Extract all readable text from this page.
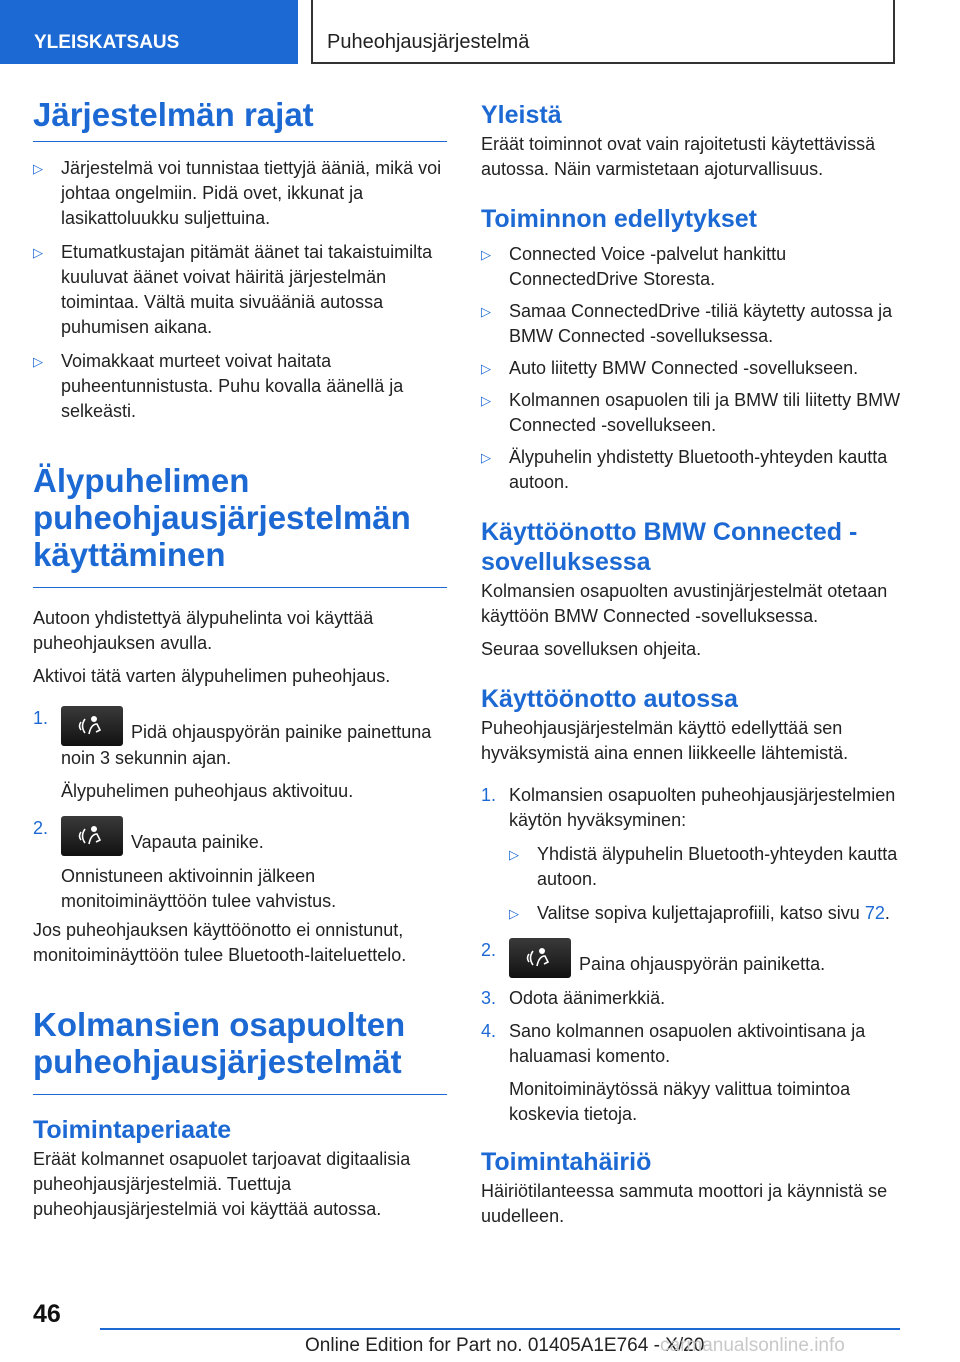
YLEISKATSAUS	Puheohjausjärjestelmä
Järjestelmän rajat
▷ Järjestelmä voi tunnistaa tiettyjä ääniä, mikä voi johtaa ongelmiin. Pidä ovet, ikkunat ja lasikattoluukku suljettuina.
▷ Etumatkustajan pitämät äänet tai takaistuimilta kuuluvat äänet voivat häiritä järjestelmän toimintaa. Vältä muita sivuääniä autossa puhumisen aikana.
▷ Voimakkaat murteet voivat haitata puheentunnistusta. Puhu kovalla äänellä ja selkeästi.
Älypuhelimen puheohjausjärjestelmän käyttäminen

Autoon yhdistettyä älypuhelinta voi käyttää puheohjauksen avulla.

Aktivoi tätä varten älypuhelimen puheohjaus.

1.
Pidä ohjauspyörän painike painettuna noin 3 sekunnin ajan.

Älypuhelimen puheohjaus aktivoituu.

2.
Vapauta painike.

Onnistuneen aktivoinnin jälkeen monitoiminäyttöön tulee vahvistus.

Jos puheohjauksen käyttöönotto ei onnistunut, monitoiminäyttöön tulee Bluetooth-laiteluettelo.

Kolmansien osapuolten puheohjausjärjestelmät
Toimintaperiaate

Eräät kolmannet osapuolet tarjoavat digitaalisia puheohjausjärjestelmiä. Tuettuja puheohjausjärjestelmiä voi käyttää autossa.

Yleistä

Eräät toiminnot ovat vain rajoitetusti käytettävissä autossa. Näin varmistetaan ajoturvallisuus.

Toiminnon edellytykset
▷ Connected Voice -palvelut hankittu ConnectedDrive Storesta.
▷ Samaa ConnectedDrive -tiliä käytetty autossa ja BMW Connected -sovelluksessa.
▷ Auto liitetty BMW Connected -sovellukseen.
▷ Kolmannen osapuolen tili ja BMW tili liitetty BMW Connected -sovellukseen.
▷ Älypuhelin yhdistetty Bluetooth-yhteyden kautta autoon.
Käyttöönotto BMW Connected -sovelluksessa

Kolmansien osapuolten avustinjärjestelmät otetaan käyttöön BMW Connected -sovelluksessa.

Seuraa sovelluksen ohjeita.

Käyttöönotto autossa

Puheohjausjärjestelmän käyttö edellyttää sen hyväksymistä aina ennen liikkeelle lähtemistä.

1. Kolmansien osapuolten puheohjausjärjestelmien käytön hyväksyminen:
▷ Yhdistä älypuhelin Bluetooth-yhteyden kautta autoon.
▷ Valitse sopiva kuljettajaprofiili, katso sivu 72.
2.
Paina ohjauspyörän painiketta.
3. Odota äänimerkkiä.
4. Sano kolmannen osapuolen aktivointisana ja haluamasi komento.

Monitoiminäytössä näkyy valittua toimintoa koskevia tietoja.

Toimintahäiriö

Häiriötilanteessa sammuta moottori ja käynnistä se uudelleen.

46
Online Edition for Part no. 01405A1E764 - X/20
carmanualsonline.info
